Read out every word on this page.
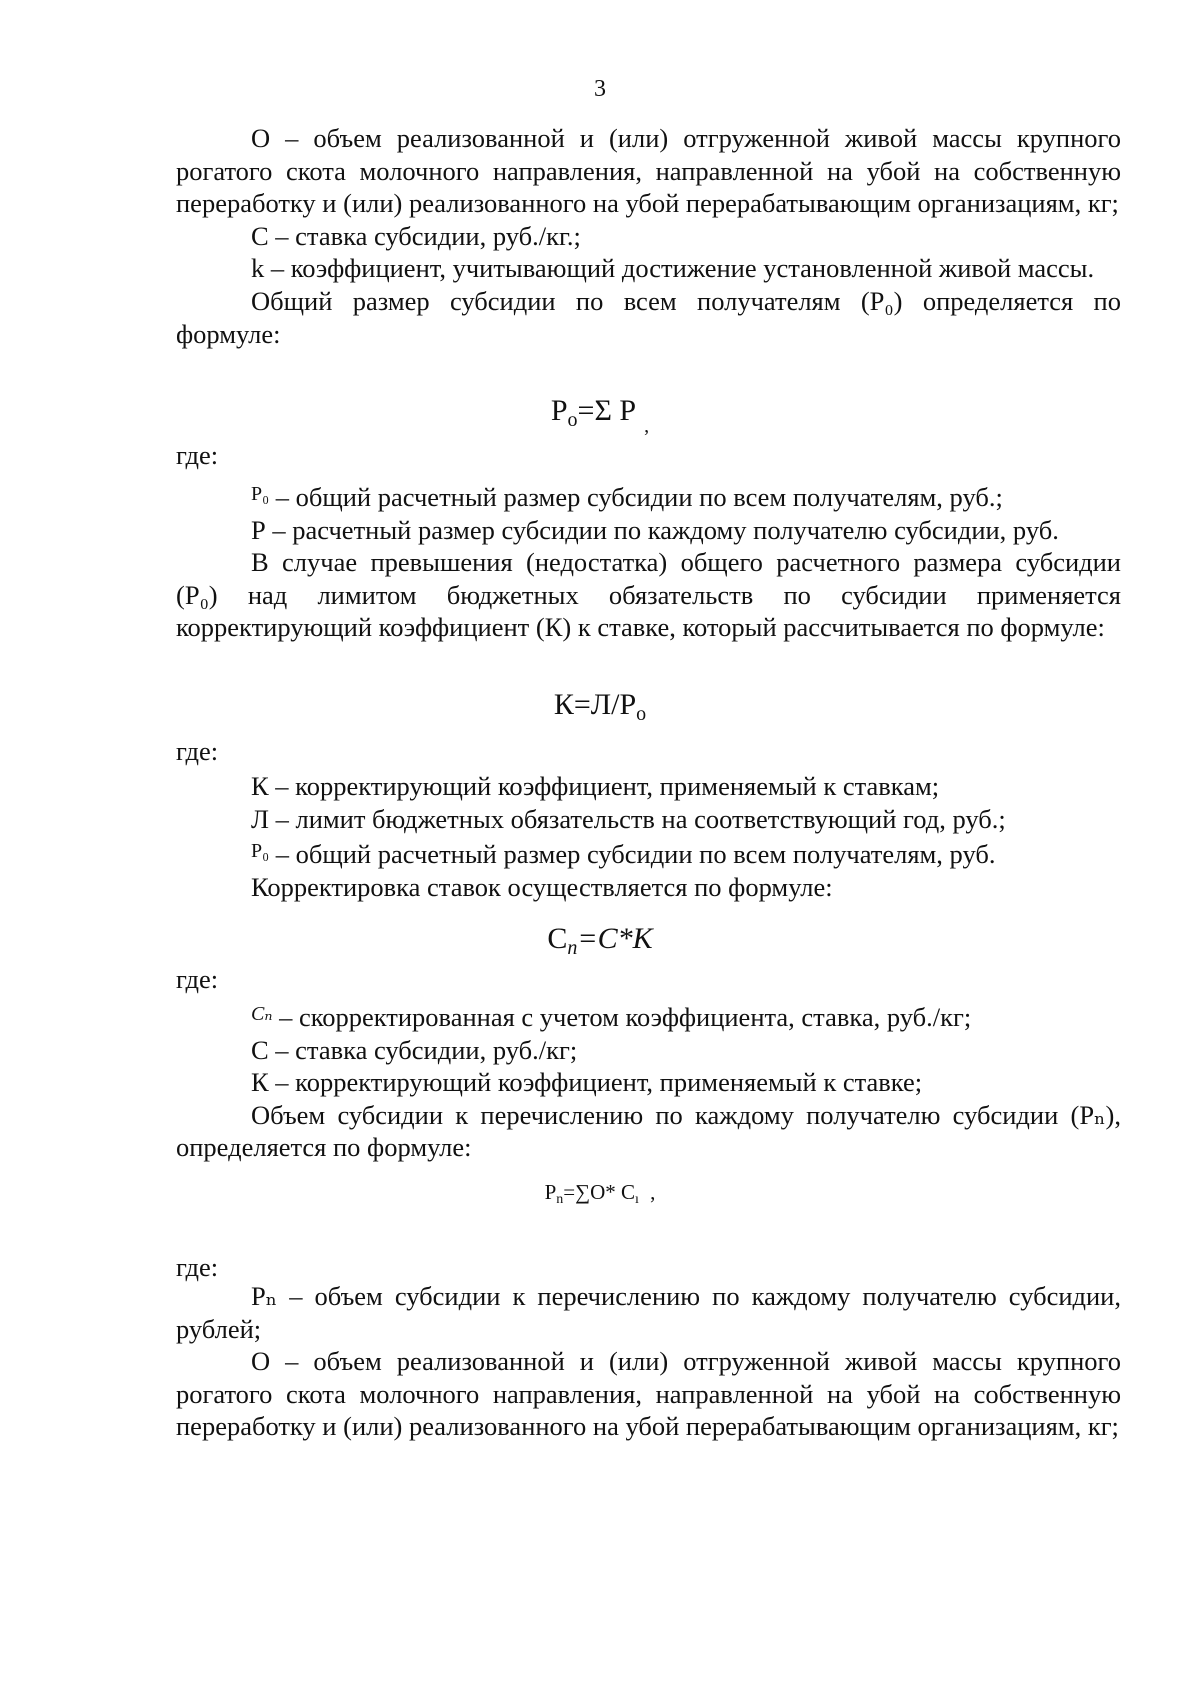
3

О – объем реализованной и (или) отгруженной живой массы крупного рогатого скота молочного направления, направленной на убой на собственную переработку и (или) реализованного на убой перерабатывающим организациям, кг;

С – ставка субсидии, руб./кг.;

k – коэффициент, учитывающий достижение установленной живой массы.

Общий размер субсидии по всем получателям (Р₀) определяется по формуле:

$P_o=\Sigma$ P $_,$
где:

$^{P_0}$ – общий расчетный размер субсидии по всем получателям, руб.;

Р – расчетный размер субсидии по каждому получателю субсидии, руб.

В случае превышения (недостатка) общего расчетного размера субсидии (Р₀) над лимитом бюджетных обязательств по субсидии применяется корректирующий коэффициент (К) к ставке, который рассчитывается по формуле:

$К=Л/Р_o$
где:

К – корректирующий коэффициент, применяемый к ставкам;

Л – лимит бюджетных обязательств на соответствующий год, руб.;

$^{P_0}$ – общий расчетный размер субсидии по всем получателям, руб.

Корректировка ставок осуществляется по формуле:

$C_n=C*K$
где:

$^{C_n}$ – скорректированная с учетом коэффициента, ставка, руб./кг;

С – ставка субсидии, руб./кг;

К – корректирующий коэффициент, применяемый к ставке;

Объем субсидии к перечислению по каждому получателю субсидии (Pₙ), определяется по формуле:

$P_n=\sum O*$ $C_ı$ ,
где:

Pₙ – объем субсидии к перечислению по каждому получателю субсидии, рублей;

О – объем реализованной и (или) отгруженной живой массы крупного рогатого скота молочного направления, направленной на убой на собственную переработку и (или) реализованного на убой перерабатывающим организациям, кг;
